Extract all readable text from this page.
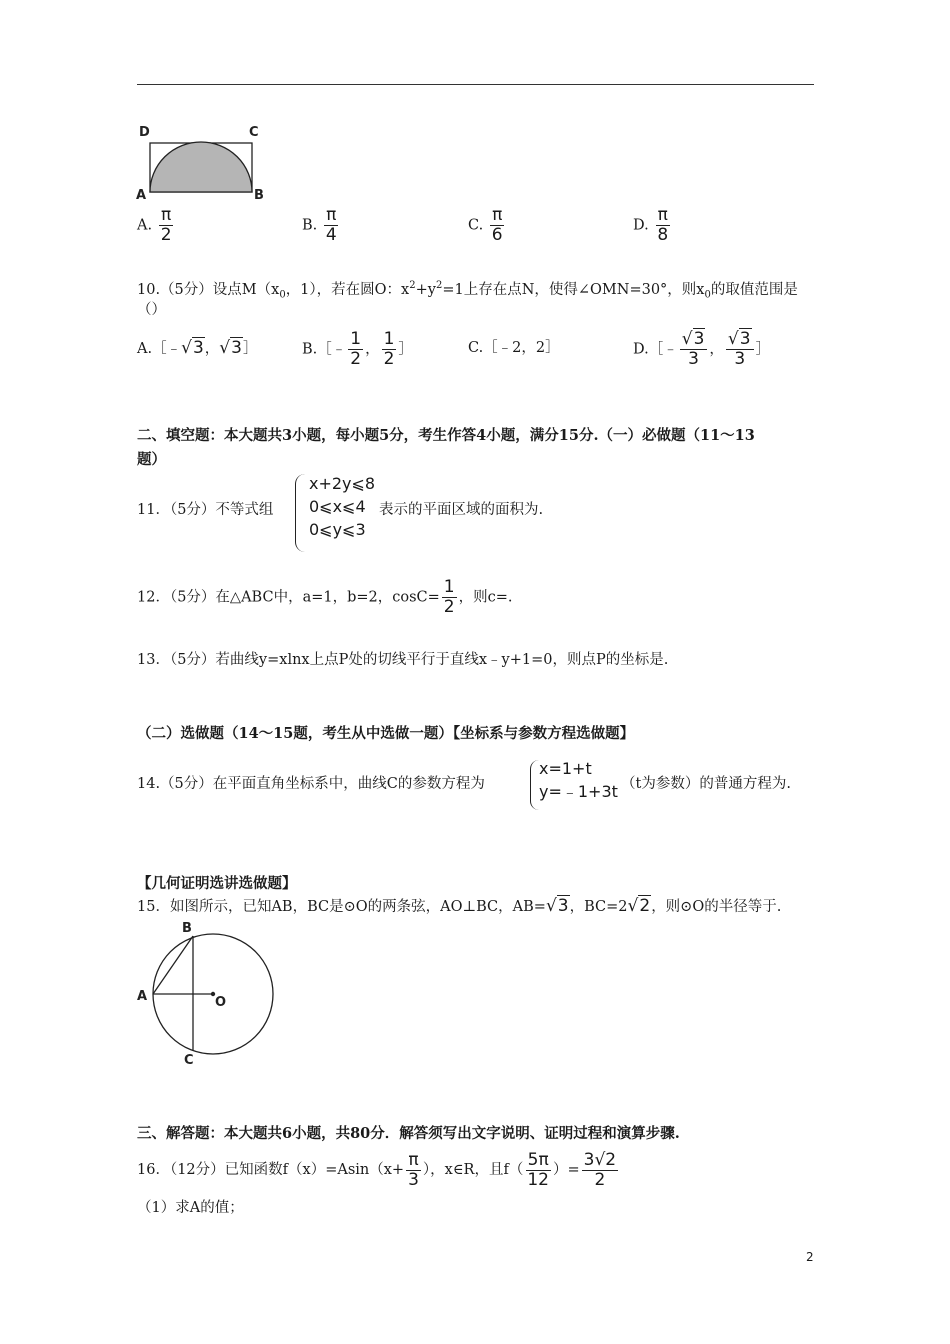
D	C
A	B
A. $\frac{\pi}{2}$	B. $\frac{\pi}{4}$	C. $\frac{\pi}{6}$	D. $\frac{\pi}{8}$
10.（5分）设点$M(x_0$，1），若在圆O：$x^2+y^2=1$上存在点N，使得∠OMN=30°，则$x_0$的取值范围是
（）
A.［﹣√3，√3］	B.［﹣ $\frac{1}{2}$ ， $\frac{1}{2}$ ］	C.［﹣2，2］	D.［﹣ $\frac{√3}{3}$ ， $\frac{√3}{3}$ ］
二、填空题：本大题共3小题，每小题5分，考生作答4小题，满分15分.（一）必做题（11～13
题）
11．（5分）不等式组
x+2y⩽8
0⩽x⩽4
0⩽y⩽3
表示的平面区域的面积为.
12．（5分）在△ABC中，a=1，b=2，$\cos C= \frac{1}{2}$ ，则c=.
13．（5分）若曲线y=xlnx上点P处的切线平行于直线x﹣y+1=0，则点P的坐标是.
（二）选做题（14～15题，考生从中选做一题）【坐标系与参数方程选做题】
14.（5分）在平面直角坐标系中，曲线C的参数方程为
x=1+t
y=﹣1+3t （t为参数）的普通方程为.
【几何证明选讲选做题】
15．如图所示，已知AB，BC是⊙O的两条弦，AO⊥BC，AB=√3，BC=2√2，则⊙O的半径等于.
B
A	O
C
三、解答题：本大题共6小题，共80分．解答须写出文字说明、证明过程和演算步骤.
16．（12分）已知函数$f(x)=Asin(x+ \frac{\pi}{3}$ ），x∈R，且$f( \frac{5\pi}{12}$ ）= $\frac{3√2}{2}$
（1）求A的值；
2
